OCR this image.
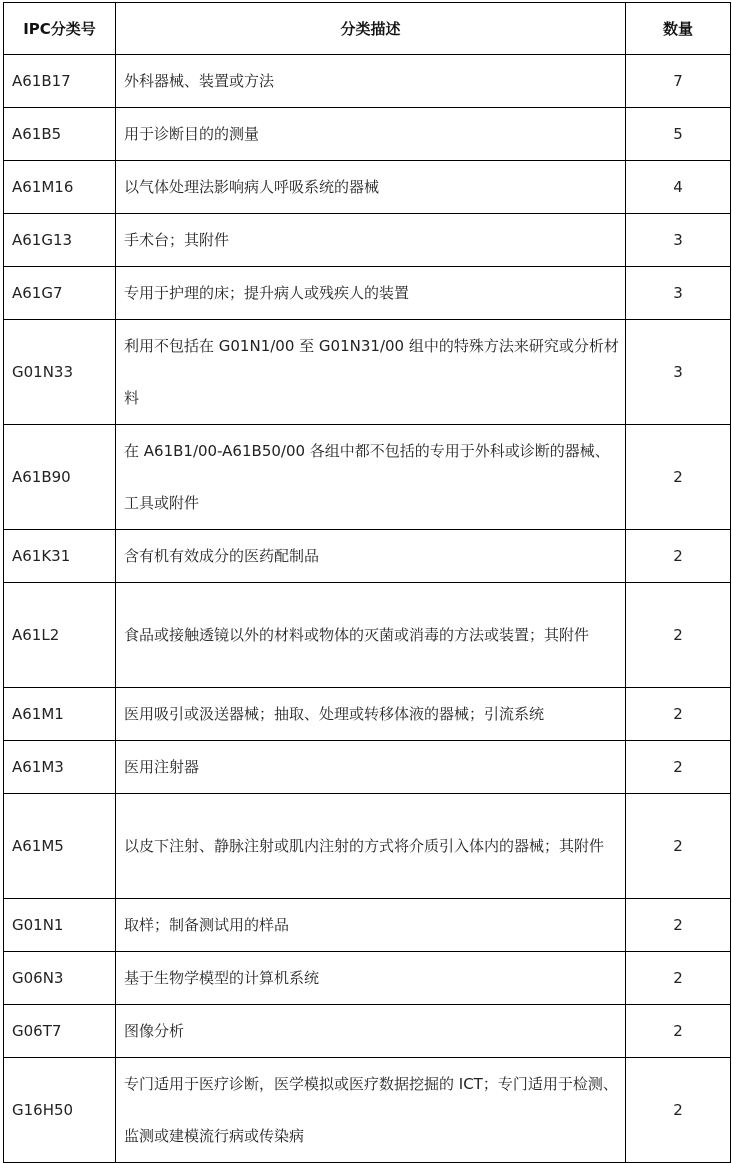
IPC分类号	分类描述	数量
A61B17	外科器械、装置或方法	7
A61B5	用于诊断目的的测量	5
A61M16	以气体处理法影响病人呼吸系统的器械	4
A61G13	手术台；其附件	3
A61G7	专用于护理的床；提升病人或残疾人的装置	3
G01N33	利用不包括在 G01N1/00 至 G01N31/00 组中的特殊方法来研究或分析材料	3
A61B90	在 A61B1/00-A61B50/00 各组中都不包括的专用于外科或诊断的器械、工具或附件	2
A61K31	含有机有效成分的医药配制品	2
A61L2	食品或接触透镜以外的材料或物体的灭菌或消毒的方法或装置；其附件	2
A61M1	医用吸引或汲送器械；抽取、处理或转移体液的器械；引流系统	2
A61M3	医用注射器	2
A61M5	以皮下注射、静脉注射或肌内注射的方式将介质引入体内的器械；其附件	2
G01N1	取样；制备测试用的样品	2
G06N3	基于生物学模型的计算机系统	2
G06T7	图像分析	2
G16H50	专门适用于医疗诊断，医学模拟或医疗数据挖掘的 ICT；专门适用于检测、监测或建模流行病或传染病	2
